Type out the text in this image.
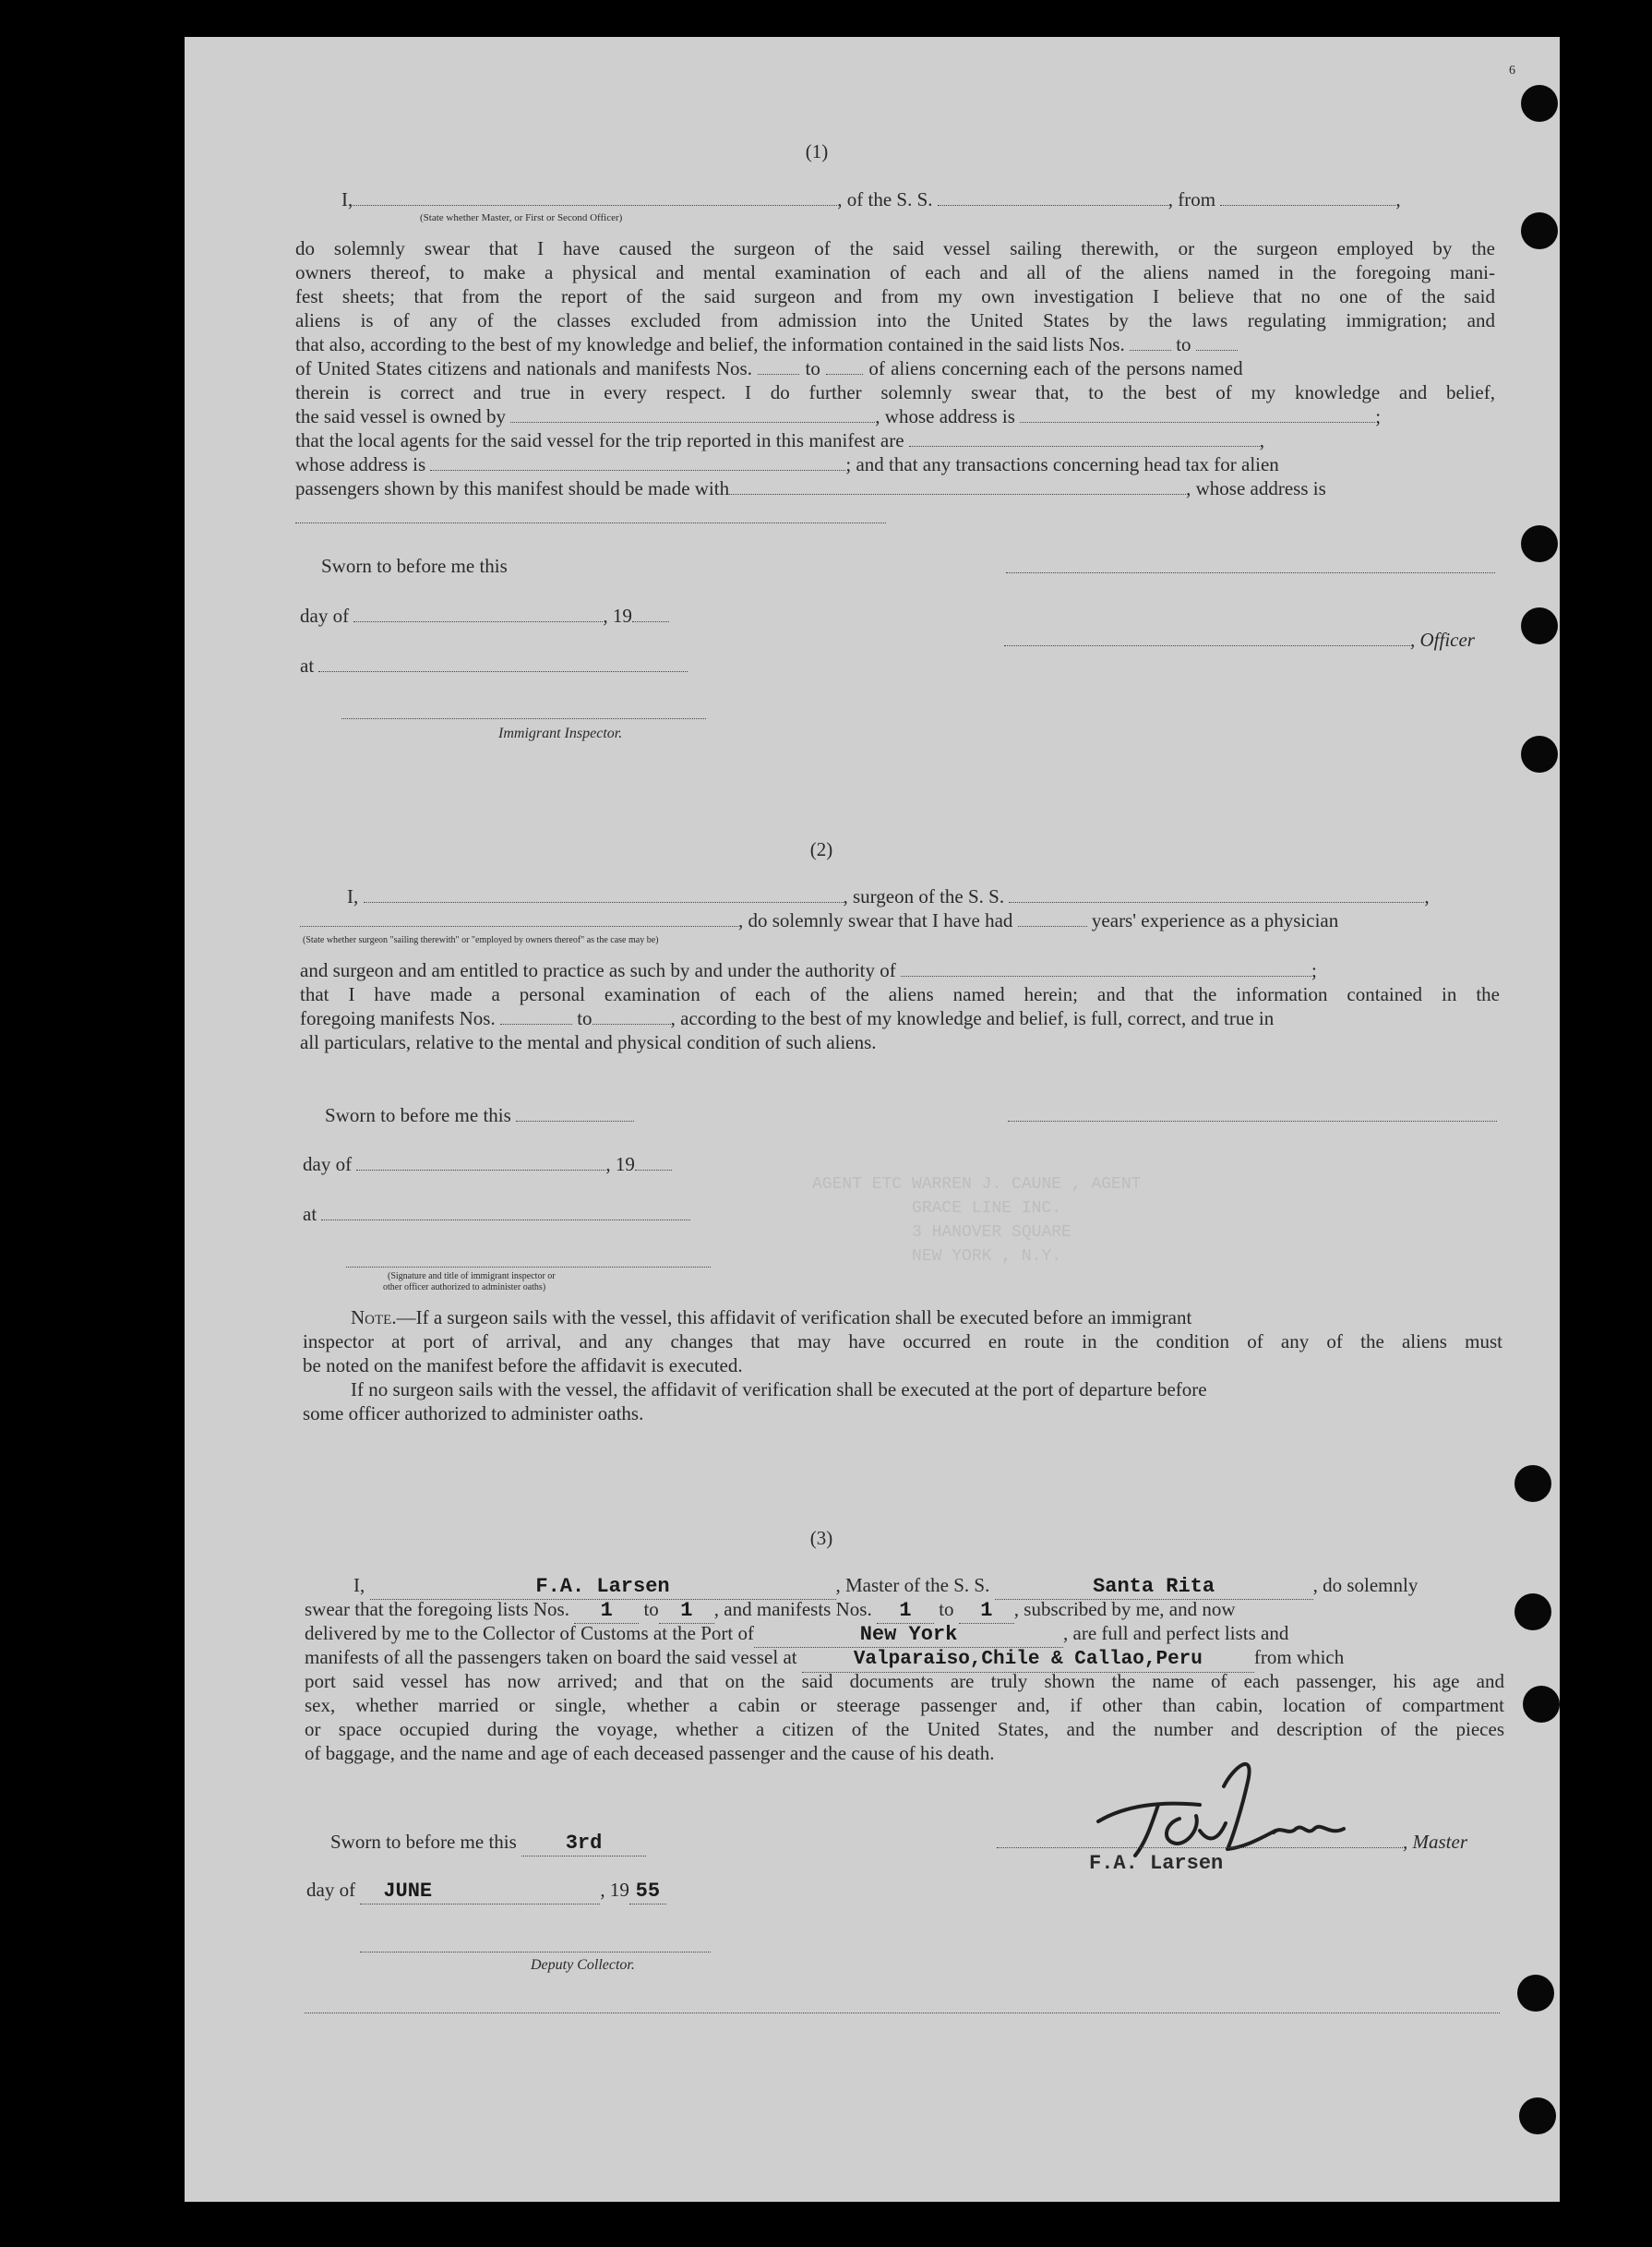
6
(1)
I,	, of the S. S.	, from	,
(State whether Master, or First or Second Officer)
do solemnly swear that I have caused the surgeon of the said vessel sailing therewith, or the surgeon employed by the
owners thereof, to make a physical and mental examination of each and all of the aliens named in the foregoing mani-
fest sheets; that from the report of the said surgeon and from my own investigation I believe that no one of the said
aliens is of any of the classes excluded from admission into the United States by the laws regulating immigration; and
that also, according to the best of my knowledge and belief, the information contained in the said lists Nos.	to
of United States citizens and nationals and manifests Nos.	to	of aliens concerning each of the persons named
therein is correct and true in every respect. I do further solemnly swear that, to the best of my knowledge and belief,
the said vessel is owned by	, whose address is	;
that the local agents for the said vessel for the trip reported in this manifest are	,
whose address is	; and that any transactions concerning head tax for alien
passengers shown by this manifest should be made with	, whose address is
Sworn to before me this
day of	, 19
, Officer
at
Immigrant Inspector.
(2)
I,	, surgeon of the S. S.	,
, do solemnly swear that I have had	years' experience as a physician
(State whether surgeon "sailing therewith" or "employed by owners thereof" as the case may be)
and surgeon and am entitled to practice as such by and under the authority of	;
that I have made a personal examination of each of the aliens named herein; and that the information contained in the
foregoing manifests Nos.	to	, according to the best of my knowledge and belief, is full, correct, and true in
all particulars, relative to the mental and physical condition of such aliens.
Sworn to before me this
day of	, 19
at
(Signature and title of immigrant inspector or
other officer authorized to administer oaths)
AGENT ETC WARREN J. CAUNE , AGENT
GRACE LINE INC.
3 HANOVER SQUARE
NEW YORK , N.Y.
Note.—If a surgeon sails with the vessel, this affidavit of verification shall be executed before an immigrant
inspector at port of arrival, and any changes that may have occurred en route in the condition of any of the aliens must
be noted on the manifest before the affidavit is executed.
If no surgeon sails with the vessel, the affidavit of verification shall be executed at the port of departure before
some officer authorized to administer oaths.
(3)
I,	F.A. Larsen	, Master of the S. S.	Santa Rita	, do solemnly
swear that the foregoing lists Nos. 1 to 1 , and manifests Nos. 1 to 1 , subscribed by me, and now
delivered by me to the Collector of Customs at the Port of	New York	, are full and perfect lists and
manifests of all the passengers taken on board the said vessel at	Valparaiso,Chile & Callao,Peru	from which
port said vessel has now arrived; and that on the said documents are truly shown the name of each passenger, his age and
sex, whether married or single, whether a cabin or steerage passenger and, if other than cabin, location of compartment
or space occupied during the voyage, whether a citizen of the United States, and the number and description of the pieces
of baggage, and the name and age of each deceased passenger and the cause of his death.
Sworn to before me this 3rd	, Master
F.A. Larsen
day of JUNE	, 19 55
Deputy Collector.
